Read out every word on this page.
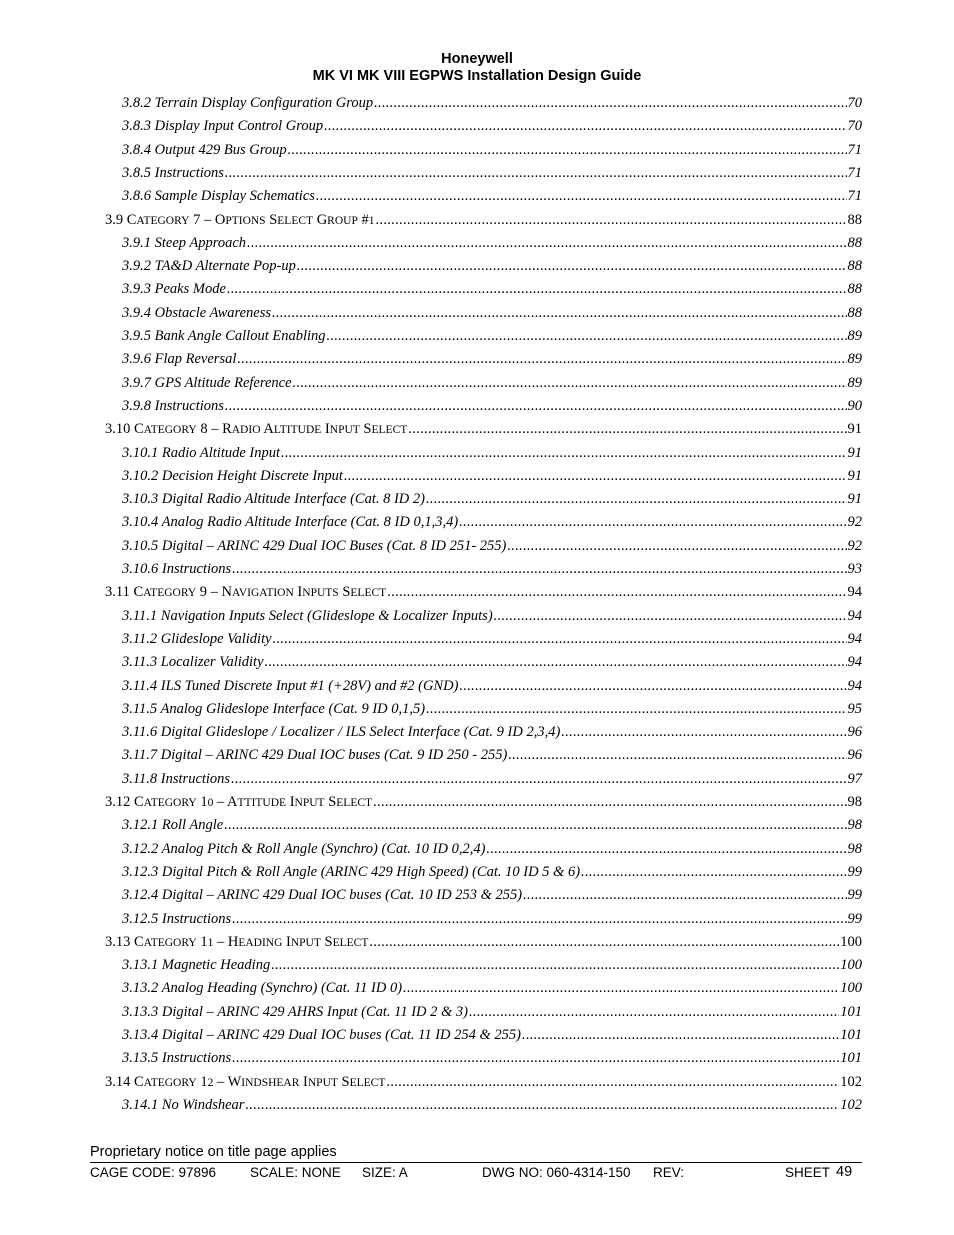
Honeywell
MK VI MK VIII EGPWS Installation Design Guide
3.8.2 Terrain Display Configuration Group .....	70
3.8.3 Display Input Control Group .....	70
3.8.4 Output 429 Bus Group .....	71
3.8.5 Instructions .....	71
3.8.6 Sample Display Schematics .....	71
3.9 CATEGORY 7 – OPTIONS SELECT GROUP #1 .....	88
3.9.1 Steep Approach .....	88
3.9.2 TA&D Alternate Pop-up .....	88
3.9.3 Peaks Mode .....	88
3.9.4 Obstacle Awareness .....	88
3.9.5 Bank Angle Callout Enabling .....	89
3.9.6 Flap Reversal .....	89
3.9.7 GPS Altitude Reference .....	89
3.9.8 Instructions .....	90
3.10 CATEGORY 8 – RADIO ALTITUDE INPUT SELECT .....	91
3.10.1 Radio Altitude Input .....	91
3.10.2 Decision Height Discrete Input .....	91
3.10.3 Digital Radio Altitude Interface (Cat. 8 ID 2) .....	91
3.10.4 Analog Radio Altitude Interface (Cat. 8 ID 0,1,3,4) .....	92
3.10.5 Digital – ARINC 429 Dual IOC Buses (Cat. 8 ID 251- 255) .....	92
3.10.6 Instructions .....	93
3.11 CATEGORY 9 – NAVIGATION INPUTS SELECT .....	94
3.11.1 Navigation Inputs Select (Glideslope & Localizer Inputs) .....	94
3.11.2 Glideslope Validity .....	94
3.11.3 Localizer Validity .....	94
3.11.4 ILS Tuned Discrete Input #1 (+28V) and #2 (GND) .....	94
3.11.5 Analog Glideslope Interface (Cat. 9 ID 0,1,5) .....	95
3.11.6 Digital Glideslope / Localizer / ILS Select Interface (Cat. 9 ID 2,3,4) .....	96
3.11.7 Digital – ARINC 429 Dual IOC buses (Cat. 9 ID 250 - 255) .....	96
3.11.8 Instructions .....	97
3.12 CATEGORY 10 – ATTITUDE INPUT SELECT .....	98
3.12.1 Roll Angle .....	98
3.12.2 Analog Pitch & Roll Angle (Synchro) (Cat. 10 ID 0,2,4) .....	98
3.12.3 Digital Pitch & Roll Angle (ARINC 429 High Speed) (Cat. 10 ID 5 & 6) .....	99
3.12.4 Digital – ARINC 429 Dual IOC buses (Cat. 10 ID 253 & 255) .....	99
3.12.5 Instructions .....	99
3.13 CATEGORY 11 – HEADING INPUT SELECT .....	100
3.13.1 Magnetic Heading .....	100
3.13.2 Analog Heading (Synchro) (Cat. 11 ID 0) .....	100
3.13.3 Digital – ARINC 429 AHRS Input (Cat. 11 ID 2 & 3) .....	101
3.13.4 Digital – ARINC 429 Dual IOC buses (Cat. 11 ID 254 & 255) .....	101
3.13.5 Instructions .....	101
3.14 CATEGORY 12 – WINDSHEAR INPUT SELECT .....	102
3.14.1 No Windshear .....	102
Proprietary notice on title page applies
CAGE CODE: 97896	SCALE: NONE SIZE: A	DWG NO: 060-4314-150 REV:	SHEET 49
